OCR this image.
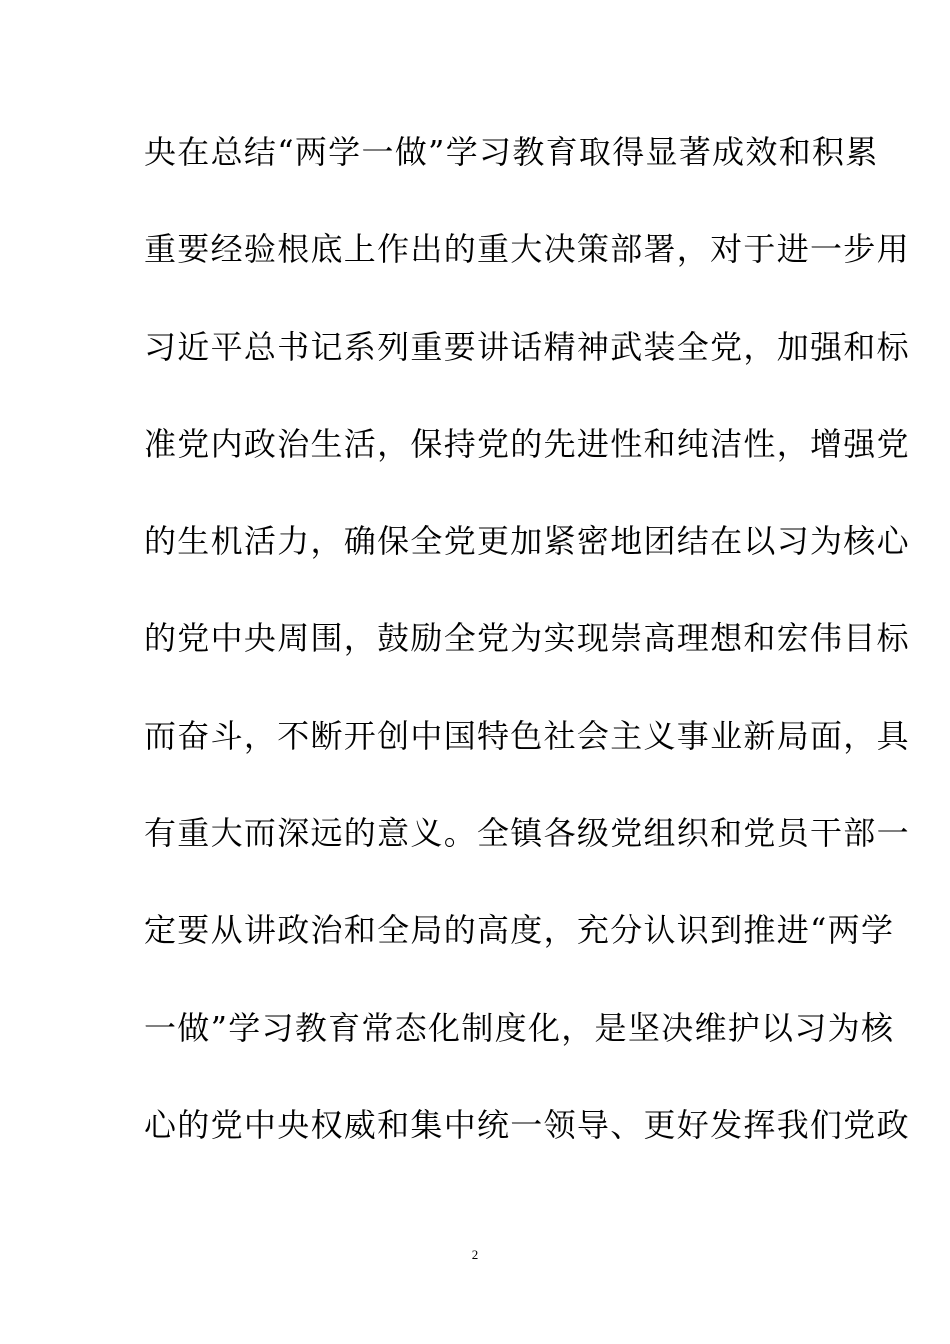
央在总结“两学一做”学习教育取得显著成效和积累
重要经验根底上作出的重大决策部署，对于进一步用
习近平总书记系列重要讲话精神武装全党，加强和标
准党内政治生活，保持党的先进性和纯洁性，增强党
的生机活力，确保全党更加紧密地团结在以习为核心
的党中央周围，鼓励全党为实现崇高理想和宏伟目标
而奋斗，不断开创中国特色社会主义事业新局面，具
有重大而深远的意义。全镇各级党组织和党员干部一
定要从讲政治和全局的高度，充分认识到推进“两学
一做”学习教育常态化制度化，是坚决维护以习为核
心的党中央权威和集中统一领导、更好发挥我们党政
2
